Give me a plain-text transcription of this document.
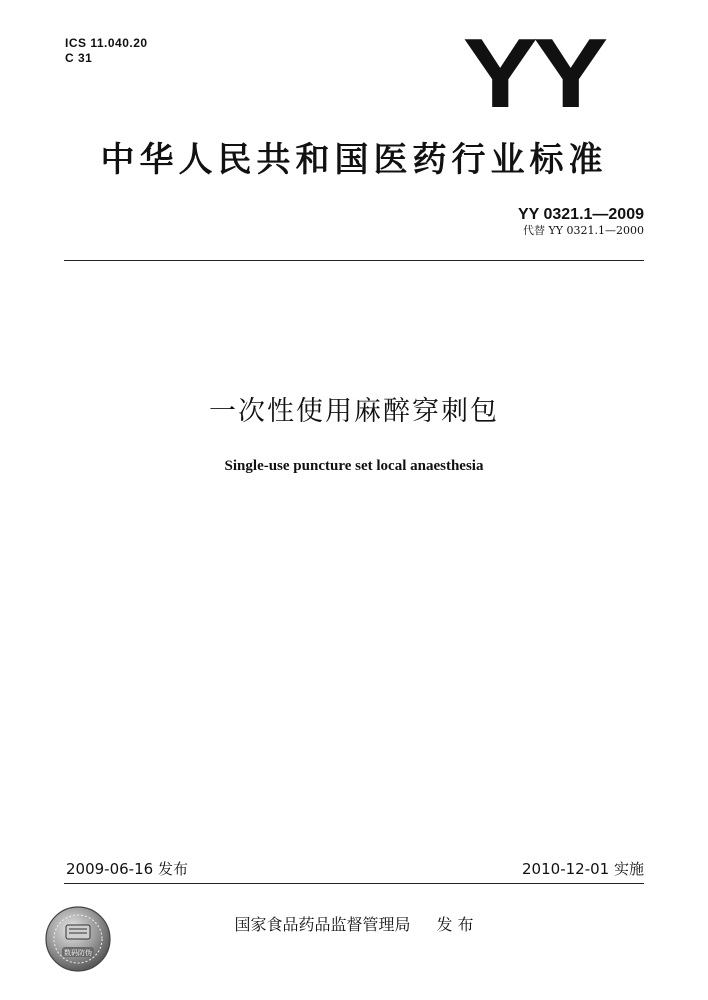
ICS 11.040.20
C 31	YY
中华人民共和国医药行业标准
YY 0321.1—2009
代替 YY 0321.1—2000
一次性使用麻醉穿刺包
Single-use puncture set local anaesthesia
2009-06-16 发布	2010-12-01 实施
数码防伪
国家食品药品监督管理局 发 布
